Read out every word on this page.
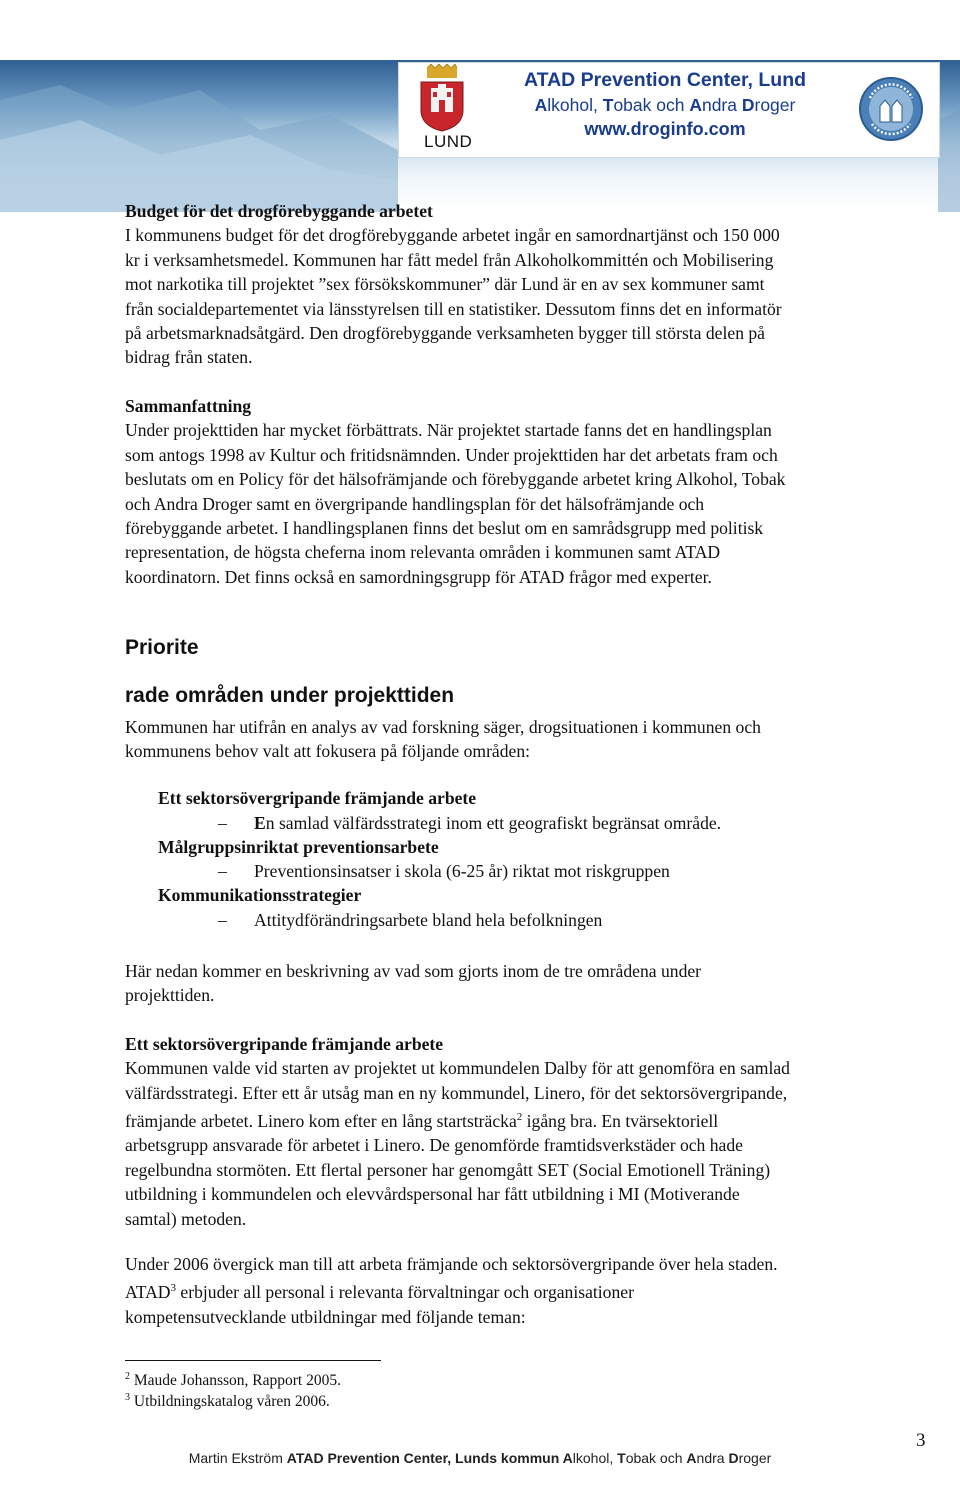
LUND
ATAD Prevention Center, Lund
Alkohol, Tobak och Andra Droger
www.droginfo.com

Budget för det drogförebyggande arbetet

I kommunens budget för det drogförebyggande arbetet ingår en samordnartjänst och 150 000

kr i verksamhetsmedel. Kommunen har fått medel från Alkoholkommittén och Mobilisering

mot narkotika till projektet ”sex försökskommuner” där Lund är en av sex kommuner samt

från socialdepartementet via länsstyrelsen till en statistiker. Dessutom finns det en informatör

på arbetsmarknadsåtgärd. Den drogförebyggande verksamheten bygger till största delen på

bidrag från staten.

Sammanfattning

Under projekttiden har mycket förbättrats. När projektet startade fanns det en handlingsplan

som antogs 1998 av Kultur och fritidsnämnden. Under projekttiden har det arbetats fram och

beslutats om en Policy för det hälsofrämjande och förebyggande arbetet kring Alkohol, Tobak

och Andra Droger samt en övergripande handlingsplan för det hälsofrämjande och

förebyggande arbetet. I handlingsplanen finns det beslut om en samrådsgrupp med politisk

representation, de högsta cheferna inom relevanta områden i kommunen samt ATAD

koordinatorn. Det finns också en samordningsgrupp för ATAD frågor med experter.

Priorite
rade områden under projekttiden

Kommunen har utifrån en analys av vad forskning säger, drogsituationen i kommunen och

kommunens behov valt att fokusera på följande områden:

Ett sektorsövergripande främjande arbete
– En samlad välfärdsstrategi inom ett geografiskt begränsat område.
Målgruppsinriktat preventionsarbete
– Preventionsinsatser i skola (6-25 år) riktat mot riskgruppen
Kommunikationsstrategier
– Attitydförändringsarbete bland hela befolkningen

Här nedan kommer en beskrivning av vad som gjorts inom de tre områdena under

projekttiden.

Ett sektorsövergripande främjande arbete

Kommunen valde vid starten av projektet ut kommundelen Dalby för att genomföra en samlad

välfärdsstrategi. Efter ett år utsåg man en ny kommundel, Linero, för det sektorsövergripande,

främjande arbetet. Linero kom efter en lång startsträcka$^2$ igång bra. En tvärsektoriell

arbetsgrupp ansvarade för arbetet i Linero. De genomförde framtidsverkstäder och hade

regelbundna stormöten. Ett flertal personer har genomgått SET (Social Emotionell Träning)

utbildning i kommundelen och elevvårdspersonal har fått utbildning i MI (Motiverande

samtal) metoden.

Under 2006 övergick man till att arbeta främjande och sektorsövergripande över hela staden.

ATAD$^3$ erbjuder all personal i relevanta förvaltningar och organisationer

kompetensutvecklande utbildningar med följande teman:

$^2$ Maude Johansson, Rapport 2005.
$^3$ Utbildningskatalog våren 2006.
3
Martin Ekström ATAD Prevention Center, Lunds kommun Alkohol, Tobak och Andra Droger
